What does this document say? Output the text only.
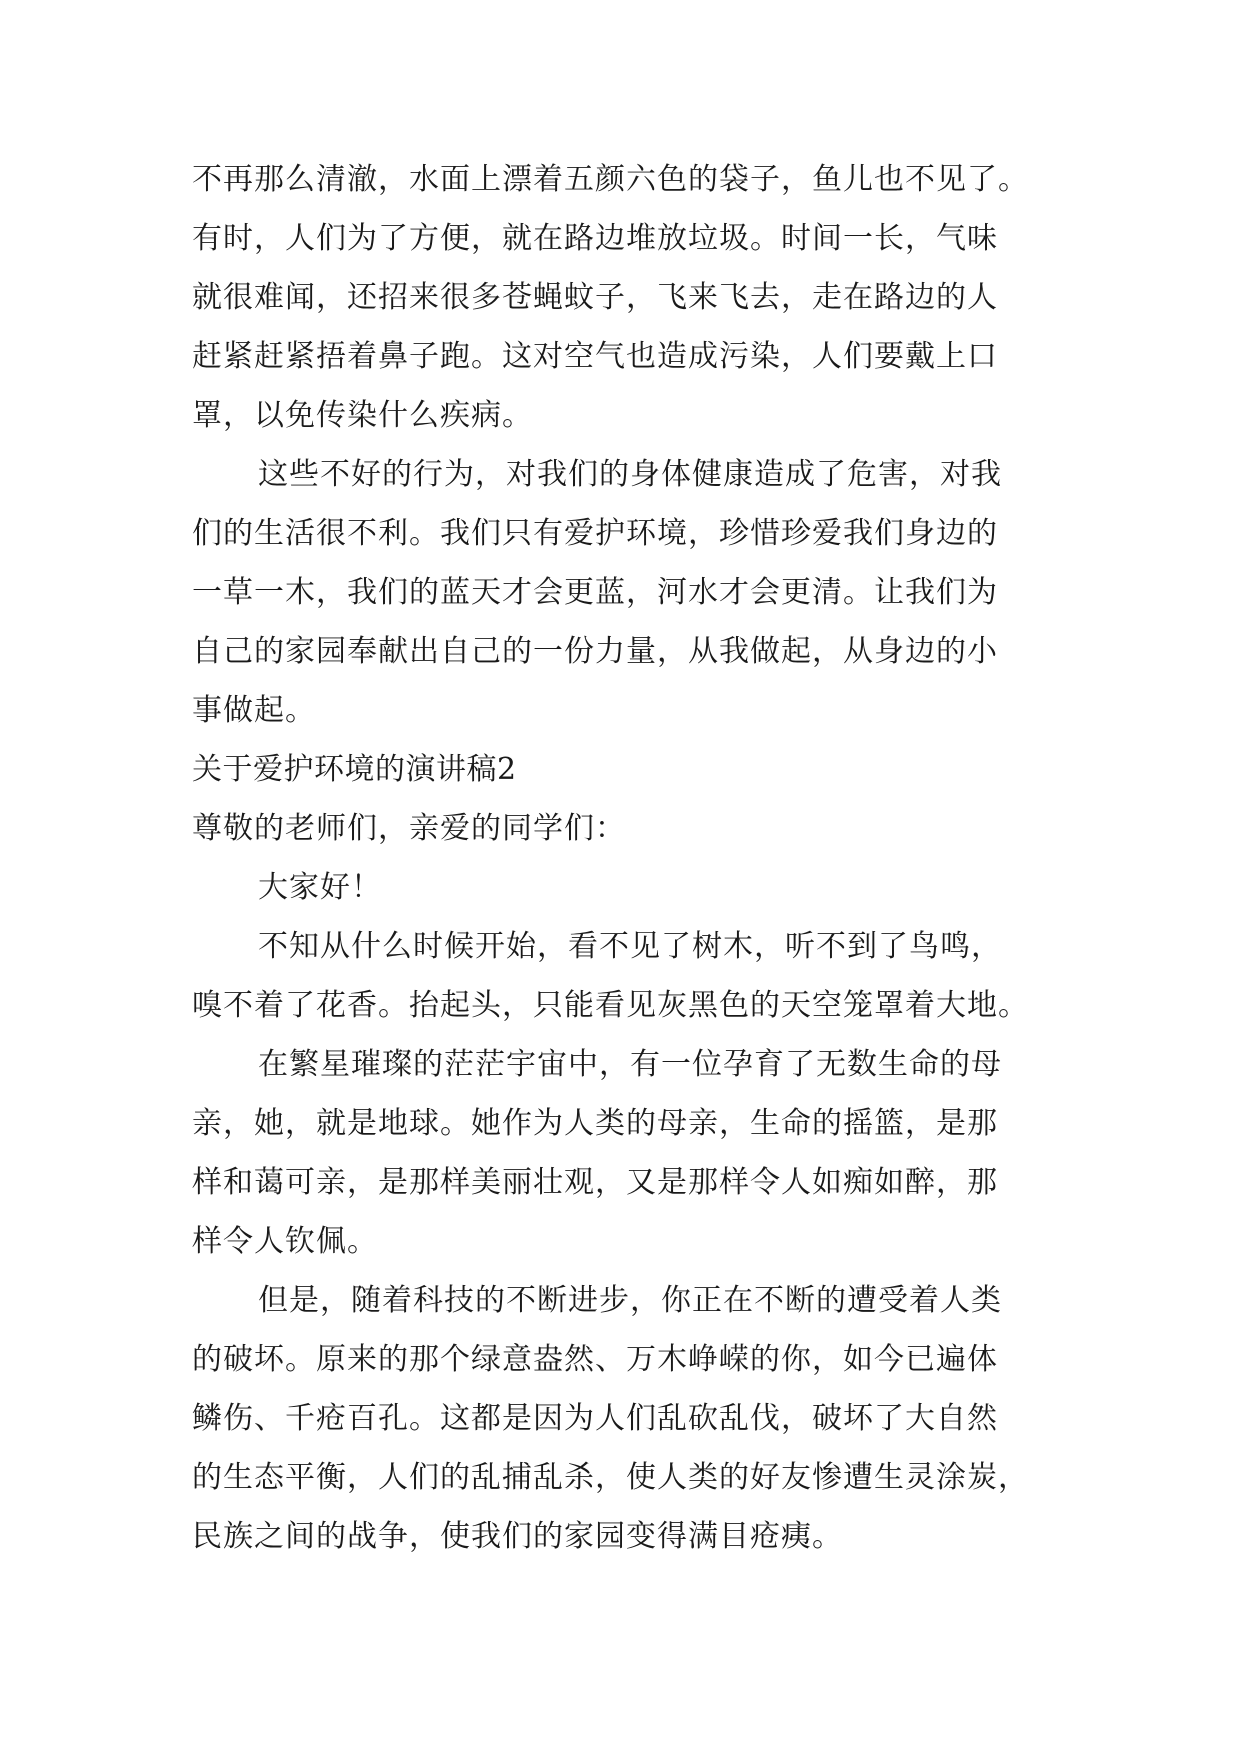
不再那么清澈，水面上漂着五颜六色的袋子，鱼儿也不见了。
有时，人们为了方便，就在路边堆放垃圾。时间一长，气味
就很难闻，还招来很多苍蝇蚊子，飞来飞去，走在路边的人
赶紧赶紧捂着鼻子跑。这对空气也造成污染，人们要戴上口
罩，以免传染什么疾病。
这些不好的行为，对我们的身体健康造成了危害，对我
们的生活很不利。我们只有爱护环境，珍惜珍爱我们身边的
一草一木，我们的蓝天才会更蓝，河水才会更清。让我们为
自己的家园奉献出自己的一份力量，从我做起，从身边的小
事做起。
关于爱护环境的演讲稿2
尊敬的老师们，亲爱的同学们：
大家好！
不知从什么时候开始，看不见了树木，听不到了鸟鸣，
嗅不着了花香。抬起头，只能看见灰黑色的天空笼罩着大地。
在繁星璀璨的茫茫宇宙中，有一位孕育了无数生命的母
亲，她，就是地球。她作为人类的母亲，生命的摇篮，是那
样和蔼可亲，是那样美丽壮观，又是那样令人如痴如醉，那
样令人钦佩。
但是，随着科技的不断进步，你正在不断的遭受着人类
的破坏。原来的那个绿意盎然、万木峥嵘的你，如今已遍体
鳞伤、千疮百孔。这都是因为人们乱砍乱伐，破坏了大自然
的生态平衡，人们的乱捕乱杀，使人类的好友惨遭生灵涂炭，
民族之间的战争，使我们的家园变得满目疮痍。
